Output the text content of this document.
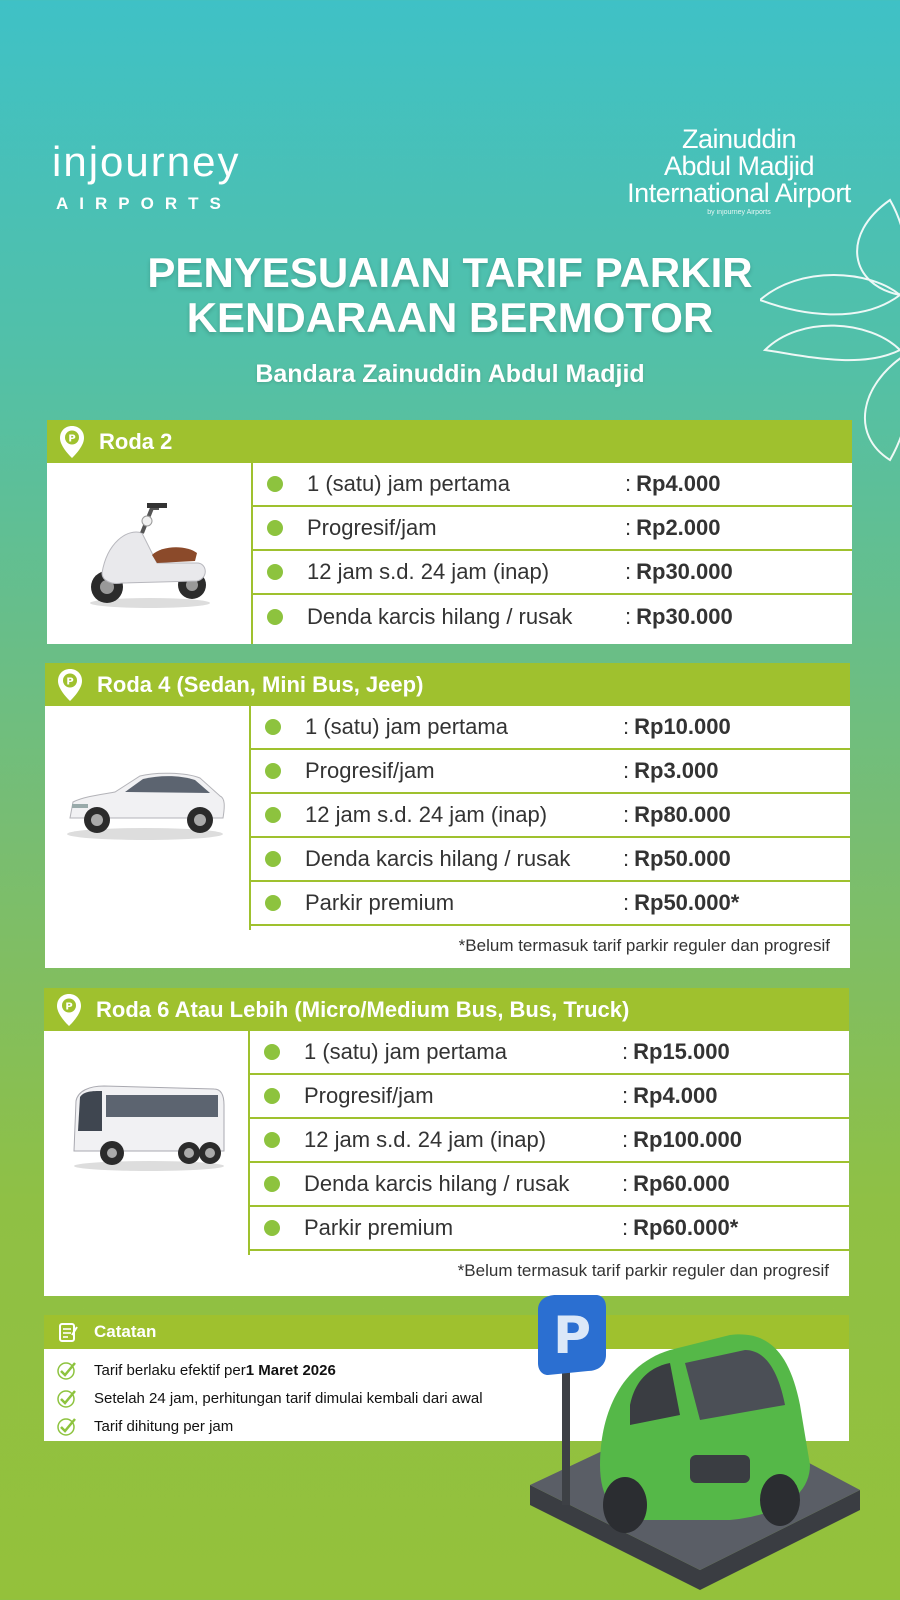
injourney
AIRPORTS
Zainuddin
Abdul Madjid
International Airport
by injourney Airports
PENYESUAIAN TARIF PARKIR
KENDARAAN BERMOTOR
Bandara Zainuddin Abdul Madjid
P Roda 2
1 (satu) jam pertama	: Rp4.000
Progresif/jam	: Rp2.000
12 jam s.d. 24 jam (inap)	: Rp30.000
Denda karcis hilang / rusak	: Rp30.000
P Roda 4 (Sedan, Mini Bus, Jeep)
1 (satu) jam pertama	: Rp10.000
Progresif/jam	: Rp3.000
12 jam s.d. 24 jam (inap)	: Rp80.000
Denda karcis hilang / rusak	: Rp50.000
Parkir premium	: Rp50.000*
*Belum termasuk tarif parkir reguler dan progresif
P Roda 6 Atau Lebih (Micro/Medium Bus, Bus, Truck)
1 (satu) jam pertama	: Rp15.000
Progresif/jam	: Rp4.000
12 jam s.d. 24 jam (inap)	: Rp100.000
Denda karcis hilang / rusak	: Rp60.000
Parkir premium	: Rp60.000*
*Belum termasuk tarif parkir reguler dan progresif
Catatan
Tarif berlaku efektif per 1 Maret 2026
Setelah 24 jam, perhitungan tarif dimulai kembali dari awal
Tarif dihitung per jam
P
